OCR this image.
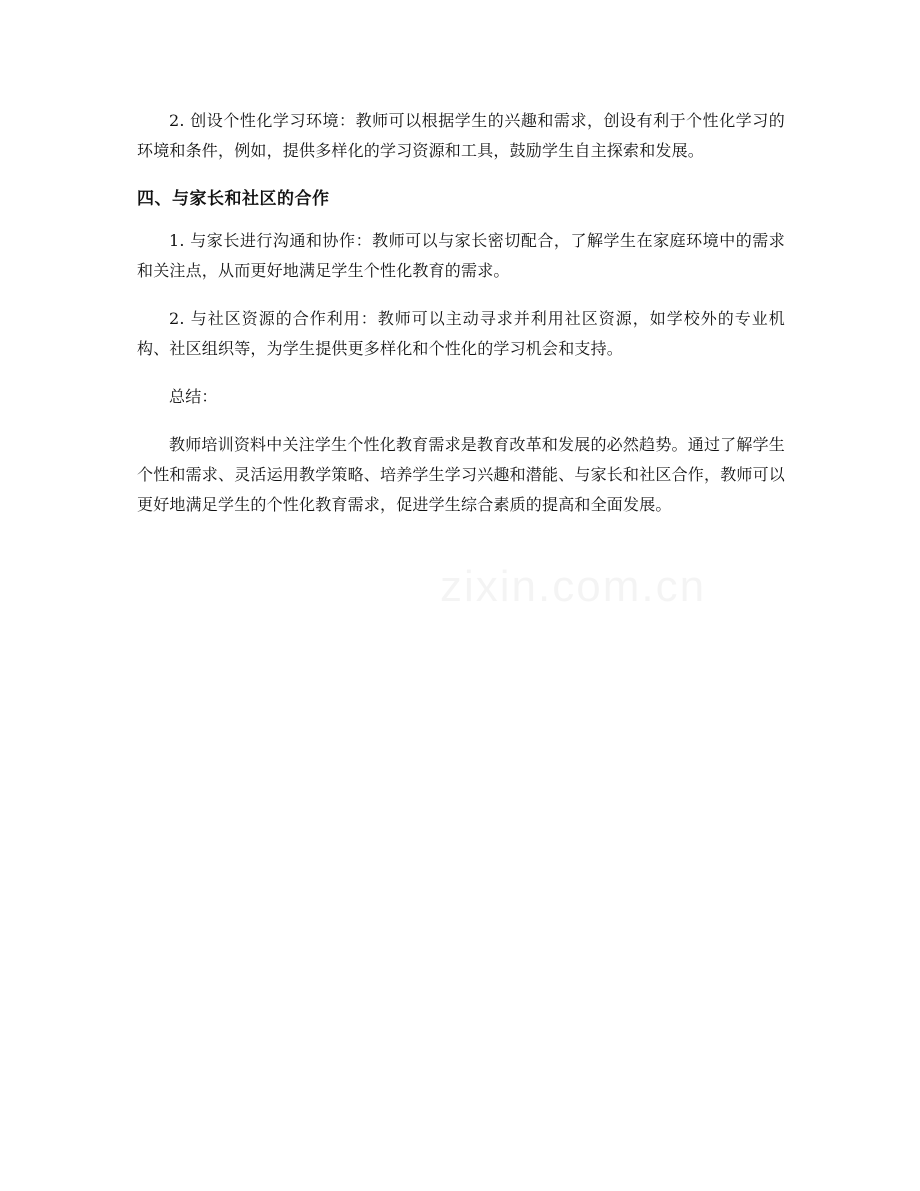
2. 创设个性化学习环境：教师可以根据学生的兴趣和需求，创设有利于个性化学习的环境和条件，例如，提供多样化的学习资源和工具，鼓励学生自主探索和发展。

四、与家长和社区的合作

1. 与家长进行沟通和协作：教师可以与家长密切配合，了解学生在家庭环境中的需求和关注点，从而更好地满足学生个性化教育的需求。

2. 与社区资源的合作利用：教师可以主动寻求并利用社区资源，如学校外的专业机构、社区组织等，为学生提供更多样化和个性化的学习机会和支持。

总结：

教师培训资料中关注学生个性化教育需求是教育改革和发展的必然趋势。通过了解学生个性和需求、灵活运用教学策略、培养学生学习兴趣和潜能、与家长和社区合作，教师可以更好地满足学生的个性化教育需求，促进学生综合素质的提高和全面发展。
